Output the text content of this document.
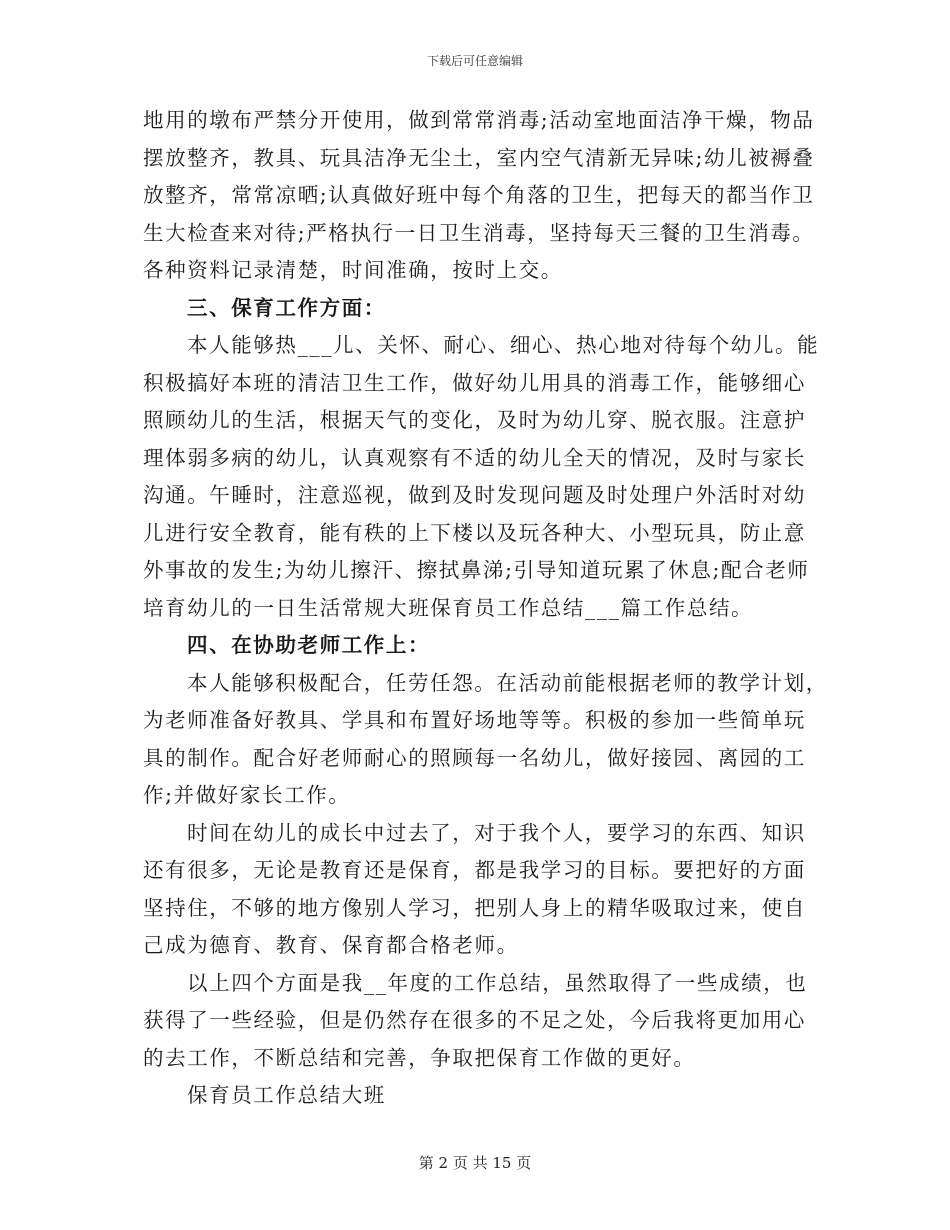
下载后可任意编辑
地用的墩布严禁分开使用，做到常常消毒;活动室地面洁净干燥，物品
摆放整齐，教具、玩具洁净无尘土，室内空气清新无异味;幼儿被褥叠
放整齐，常常凉晒;认真做好班中每个角落的卫生，把每天的都当作卫
生大检查来对待;严格执行一日卫生消毒，坚持每天三餐的卫生消毒。
各种资料记录清楚，时间准确，按时上交。
三、保育工作方面：
本人能够热___儿、关怀、耐心、细心、热心地对待每个幼儿。能
积极搞好本班的清洁卫生工作，做好幼儿用具的消毒工作，能够细心
照顾幼儿的生活，根据天气的变化，及时为幼儿穿、脱衣服。注意护
理体弱多病的幼儿，认真观察有不适的幼儿全天的情况，及时与家长
沟通。午睡时，注意巡视，做到及时发现问题及时处理户外活时对幼
儿进行安全教育，能有秩的上下楼以及玩各种大、小型玩具，防止意
外事故的发生;为幼儿擦汗、擦拭鼻涕;引导知道玩累了休息;配合老师
培育幼儿的一日生活常规大班保育员工作总结___篇工作总结。
四、在协助老师工作上：
本人能够积极配合，任劳任怨。在活动前能根据老师的教学计划，
为老师准备好教具、学具和布置好场地等等。积极的参加一些简单玩
具的制作。配合好老师耐心的照顾每一名幼儿，做好接园、离园的工
作;并做好家长工作。
时间在幼儿的成长中过去了，对于我个人，要学习的东西、知识
还有很多，无论是教育还是保育，都是我学习的目标。要把好的方面
坚持住，不够的地方像别人学习，把别人身上的精华吸取过来，使自
己成为德育、教育、保育都合格老师。
以上四个方面是我__年度的工作总结，虽然取得了一些成绩，也
获得了一些经验，但是仍然存在很多的不足之处，今后我将更加用心
的去工作，不断总结和完善，争取把保育工作做的更好。
保育员工作总结大班
第 2 页 共 15 页
